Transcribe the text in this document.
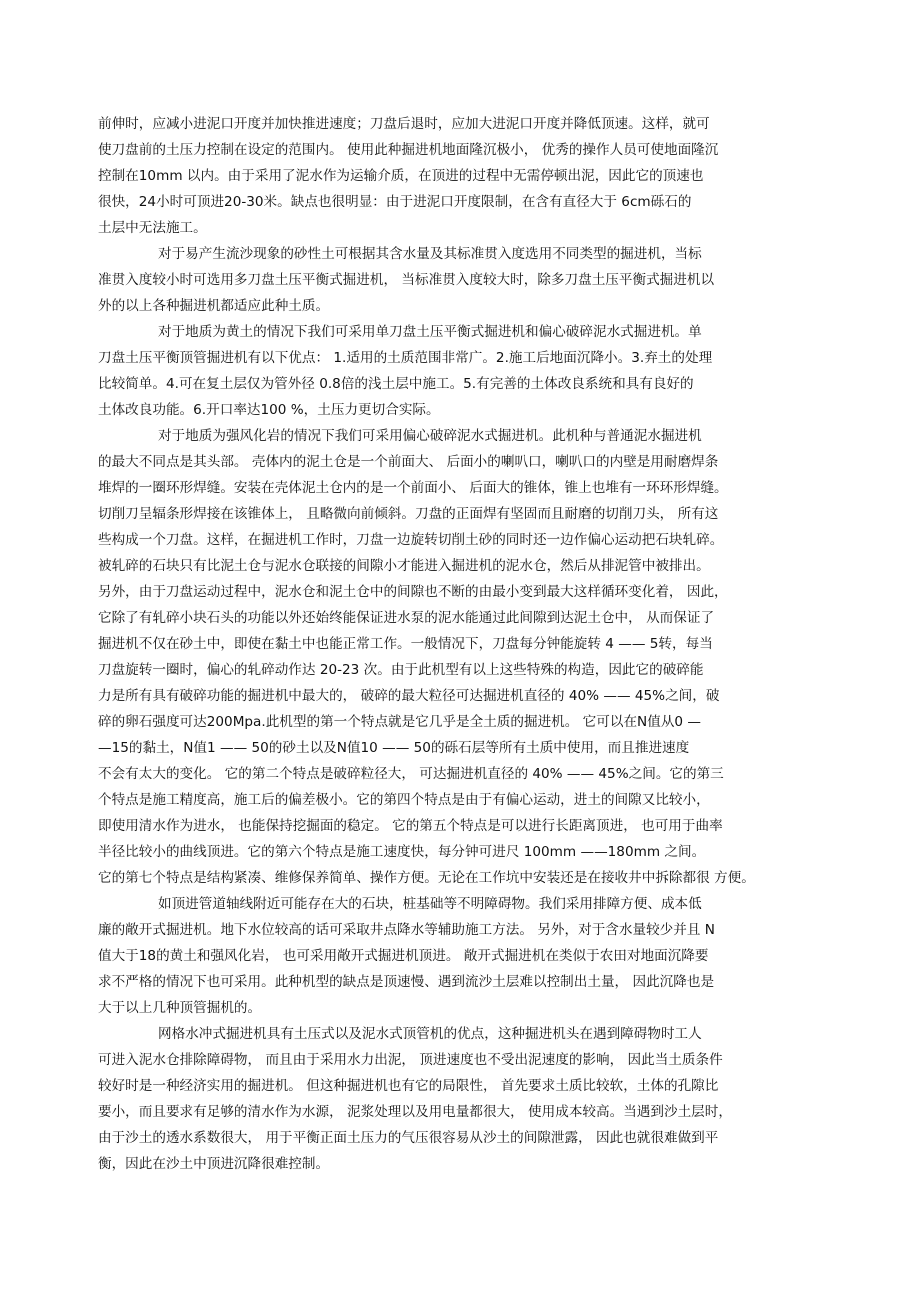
前伸时，应减小进泥口开度并加快推进速度；刀盘后退时，应加大进泥口开度并降低顶速。这样，就可
使刀盘前的土压力控制在设定的范围内。 使用此种掘进机地面隆沉极小， 优秀的操作人员可使地面隆沉
控制在10mm 以内。由于采用了泥水作为运输介质，在顶进的过程中无需停顿出泥，因此它的顶速也
很快，24小时可顶进20-30米。缺点也很明显：由于进泥口开度限制，在含有直径大于 6cm砾石的
土层中无法施工。
对于易产生流沙现象的砂性土可根据其含水量及其标准贯入度选用不同类型的掘进机，当标
准贯入度较小时可选用多刀盘土压平衡式掘进机， 当标准贯入度较大时，除多刀盘土压平衡式掘进机以
外的以上各种掘进机都适应此种土质。
对于地质为黄土的情况下我们可采用单刀盘土压平衡式掘进机和偏心破碎泥水式掘进机。单
刀盘土压平衡顶管掘进机有以下优点： 1.适用的土质范围非常广。2.施工后地面沉降小。3.弃土的处理
比较简单。4.可在复土层仅为管外径 0.8倍的浅土层中施工。5.有完善的土体改良系统和具有良好的
土体改良功能。6.开口率达100 %，土压力更切合实际。
对于地质为强风化岩的情况下我们可采用偏心破碎泥水式掘进机。此机种与普通泥水掘进机
的最大不同点是其头部。 壳体内的泥土仓是一个前面大、 后面小的喇叭口，喇叭口的内壁是用耐磨焊条
堆焊的一圈环形焊缝。安装在壳体泥土仓内的是一个前面小、 后面大的锥体，锥上也堆有一环环形焊缝。
切削刀呈辐条形焊接在该锥体上， 且略微向前倾斜。刀盘的正面焊有坚固而且耐磨的切削刀头， 所有这
些构成一个刀盘。这样，在掘进机工作时，刀盘一边旋转切削土砂的同时还一边作偏心运动把石块轧碎。
被轧碎的石块只有比泥土仓与泥水仓联接的间隙小才能进入掘进机的泥水仓，然后从排泥管中被排出。
另外，由于刀盘运动过程中，泥水仓和泥土仓中的间隙也不断的由最小变到最大这样循环变化着， 因此，
它除了有轧碎小块石头的功能以外还始终能保证进水泵的泥水能通过此间隙到达泥土仓中， 从而保证了
掘进机不仅在砂土中，即使在黏土中也能正常工作。一般情况下，刀盘每分钟能旋转 4 —— 5转，每当
刀盘旋转一圈时，偏心的轧碎动作达 20-23 次。由于此机型有以上这些特殊的构造，因此它的破碎能
力是所有具有破碎功能的掘进机中最大的， 破碎的最大粒径可达掘进机直径的 40% —— 45%之间，破
碎的卵石强度可达200Mpa.此机型的第一个特点就是它几乎是全土质的掘进机。 它可以在N值从0 —
—15的黏土，N值1 —— 50的砂土以及N值10 —— 50的砾石层等所有土质中使用，而且推进速度
不会有太大的变化。 它的第二个特点是破碎粒径大， 可达掘进机直径的 40% —— 45%之间。它的第三
个特点是施工精度高，施工后的偏差极小。它的第四个特点是由于有偏心运动，进土的间隙又比较小，
即使用清水作为进水， 也能保持挖掘面的稳定。 它的第五个特点是可以进行长距离顶进， 也可用于曲率
半径比较小的曲线顶进。它的第六个特点是施工速度快，每分钟可进尺 100mm ——180mm 之间。
它的第七个特点是结构紧凑、维修保养简单、操作方便。无论在工作坑中安装还是在接收井中拆除都很 方便。
如顶进管道轴线附近可能存在大的石块，桩基础等不明障碍物。我们采用排障方便、成本低
廉的敞开式掘进机。地下水位较高的话可采取井点降水等辅助施工方法。 另外，对于含水量较少并且 N
值大于18的黄土和强风化岩， 也可采用敞开式掘进机顶进。 敞开式掘进机在类似于农田对地面沉降要
求不严格的情况下也可采用。此种机型的缺点是顶速慢、遇到流沙土层难以控制出土量， 因此沉降也是
大于以上几种顶管掘机的。
网格水冲式掘进机具有土压式以及泥水式顶管机的优点，这种掘进机头在遇到障碍物时工人
可进入泥水仓排除障碍物， 而且由于采用水力出泥， 顶进速度也不受出泥速度的影响， 因此当土质条件
较好时是一种经济实用的掘进机。 但这种掘进机也有它的局限性， 首先要求土质比较软，土体的孔隙比
要小，而且要求有足够的清水作为水源， 泥浆处理以及用电量都很大， 使用成本较高。当遇到沙土层时，
由于沙土的透水系数很大， 用于平衡正面土压力的气压很容易从沙土的间隙泄露， 因此也就很难做到平
衡，因此在沙土中顶进沉降很难控制。
